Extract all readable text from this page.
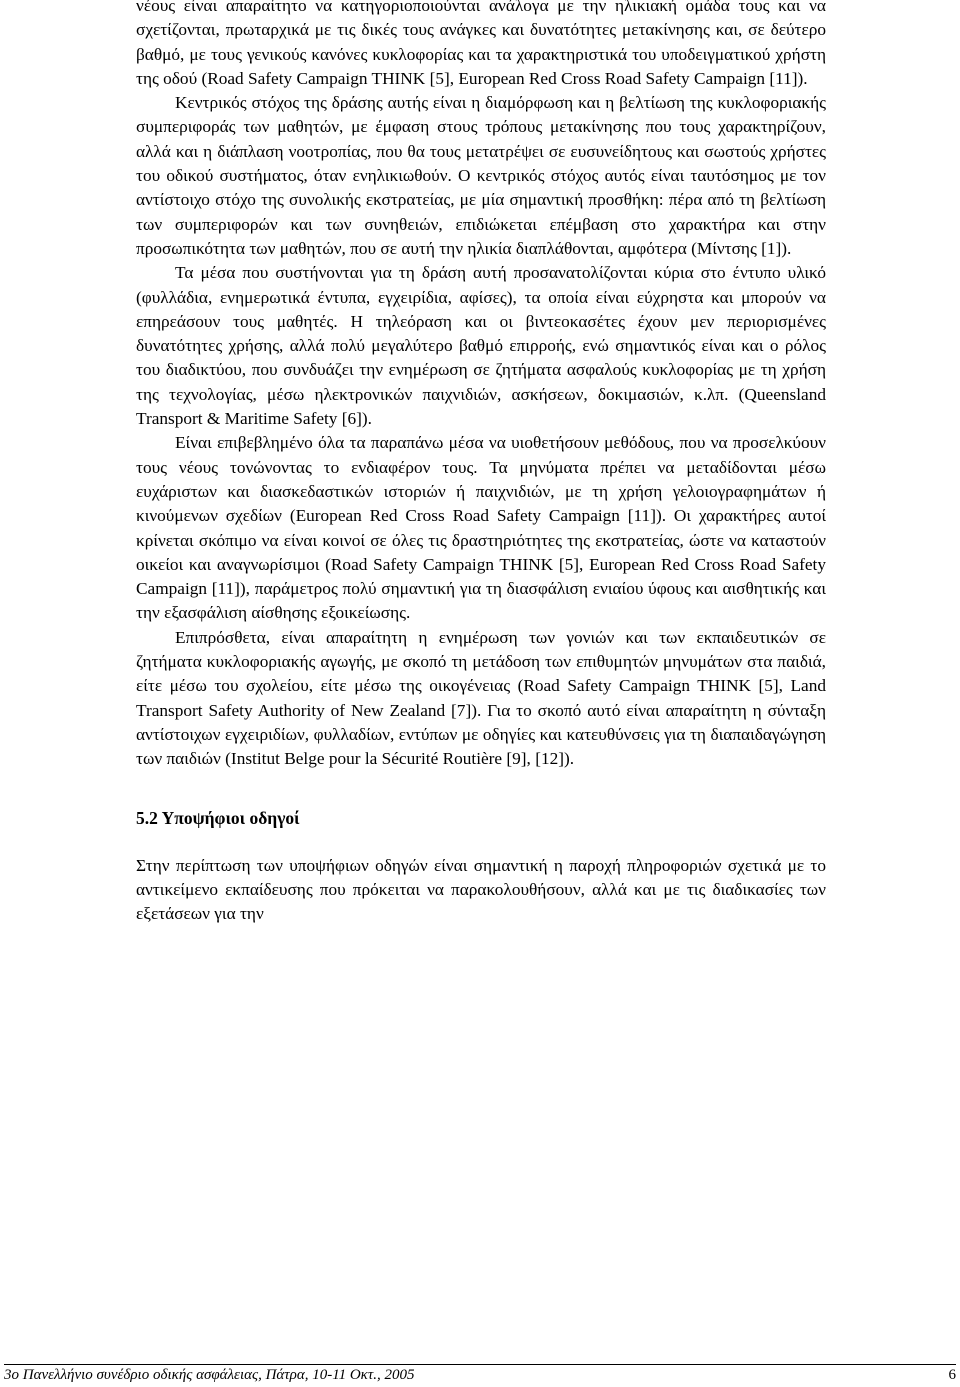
νέους είναι απαραίτητο να κατηγοριοποιούνται ανάλογα με την ηλικιακή ομάδα τους και να σχετίζονται, πρωταρχικά με τις δικές τους ανάγκες και δυνατότητες μετακίνησης και, σε δεύτερο βαθμό, με τους γενικούς κανόνες κυκλοφορίας και τα χαρακτηριστικά του υποδειγματικού χρήστη της οδού (Road Safety Campaign THINK [5], European Red Cross Road Safety Campaign [11]).

Κεντρικός στόχος της δράσης αυτής είναι η διαμόρφωση και η βελτίωση της κυκλοφοριακής συμπεριφοράς των μαθητών, με έμφαση στους τρόπους μετακίνησης που τους χαρακτηρίζουν, αλλά και η διάπλαση νοοτροπίας, που θα τους μετατρέψει σε ευσυνείδητους και σωστούς χρήστες του οδικού συστήματος, όταν ενηλικιωθούν. Ο κεντρικός στόχος αυτός είναι ταυτόσημος με τον αντίστοιχο στόχο της συνολικής εκστρατείας, με μία σημαντική προσθήκη: πέρα από τη βελτίωση των συμπεριφορών και των συνηθειών, επιδιώκεται επέμβαση στο χαρακτήρα και στην προσωπικότητα των μαθητών, που σε αυτή την ηλικία διαπλάθονται, αμφότερα (Μίντσης [1]).

Τα μέσα που συστήνονται για τη δράση αυτή προσανατολίζονται κύρια στο έντυπο υλικό (φυλλάδια, ενημερωτικά έντυπα, εγχειρίδια, αφίσες), τα οποία είναι εύχρηστα και μπορούν να επηρεάσουν τους μαθητές. Η τηλεόραση και οι βιντεοκασέτες έχουν μεν περιορισμένες δυνατότητες χρήσης, αλλά πολύ μεγαλύτερο βαθμό επιρροής, ενώ σημαντικός είναι και ο ρόλος του διαδικτύου, που συνδυάζει την ενημέρωση σε ζητήματα ασφαλούς κυκλοφορίας με τη χρήση της τεχνολογίας, μέσω ηλεκτρονικών παιχνιδιών, ασκήσεων, δοκιμασιών, κ.λπ. (Queensland Transport & Maritime Safety [6]).

Είναι επιβεβλημένο όλα τα παραπάνω μέσα να υιοθετήσουν μεθόδους, που να προσελκύουν τους νέους τονώνοντας το ενδιαφέρον τους. Τα μηνύματα πρέπει να μεταδίδονται μέσω ευχάριστων και διασκεδαστικών ιστοριών ή παιχνιδιών, με τη χρήση γελοιογραφημάτων ή κινούμενων σχεδίων (European Red Cross Road Safety Campaign [11]). Οι χαρακτήρες αυτοί κρίνεται σκόπιμο να είναι κοινοί σε όλες τις δραστηριότητες της εκστρατείας, ώστε να καταστούν οικείοι και αναγνωρίσιμοι (Road Safety Campaign THINK [5], European Red Cross Road Safety Campaign [11]), παράμετρος πολύ σημαντική για τη διασφάλιση ενιαίου ύφους και αισθητικής και την εξασφάλιση αίσθησης εξοικείωσης.

Επιπρόσθετα, είναι απαραίτητη η ενημέρωση των γονιών και των εκπαιδευτικών σε ζητήματα κυκλοφοριακής αγωγής, με σκοπό τη μετάδοση των επιθυμητών μηνυμάτων στα παιδιά, είτε μέσω του σχολείου, είτε μέσω της οικογένειας (Road Safety Campaign THINK [5], Land Transport Safety Authority of New Zealand [7]). Για το σκοπό αυτό είναι απαραίτητη η σύνταξη αντίστοιχων εγχειριδίων, φυλλαδίων, εντύπων με οδηγίες και κατευθύνσεις για τη διαπαιδαγώγηση των παιδιών (Institut Belge pour la Sécurité Routière [9], [12]).

5.2 Υποψήφιοι οδηγοί

Στην περίπτωση των υποψήφιων οδηγών είναι σημαντική η παροχή πληροφοριών σχετικά με το αντικείμενο εκπαίδευσης που πρόκειται να παρακολουθήσουν, αλλά και με τις διαδικασίες των εξετάσεων για την

3ο Πανελλήνιο συνέδριο οδικής ασφάλειας, Πάτρα, 10-11 Οκτ., 2005	6
